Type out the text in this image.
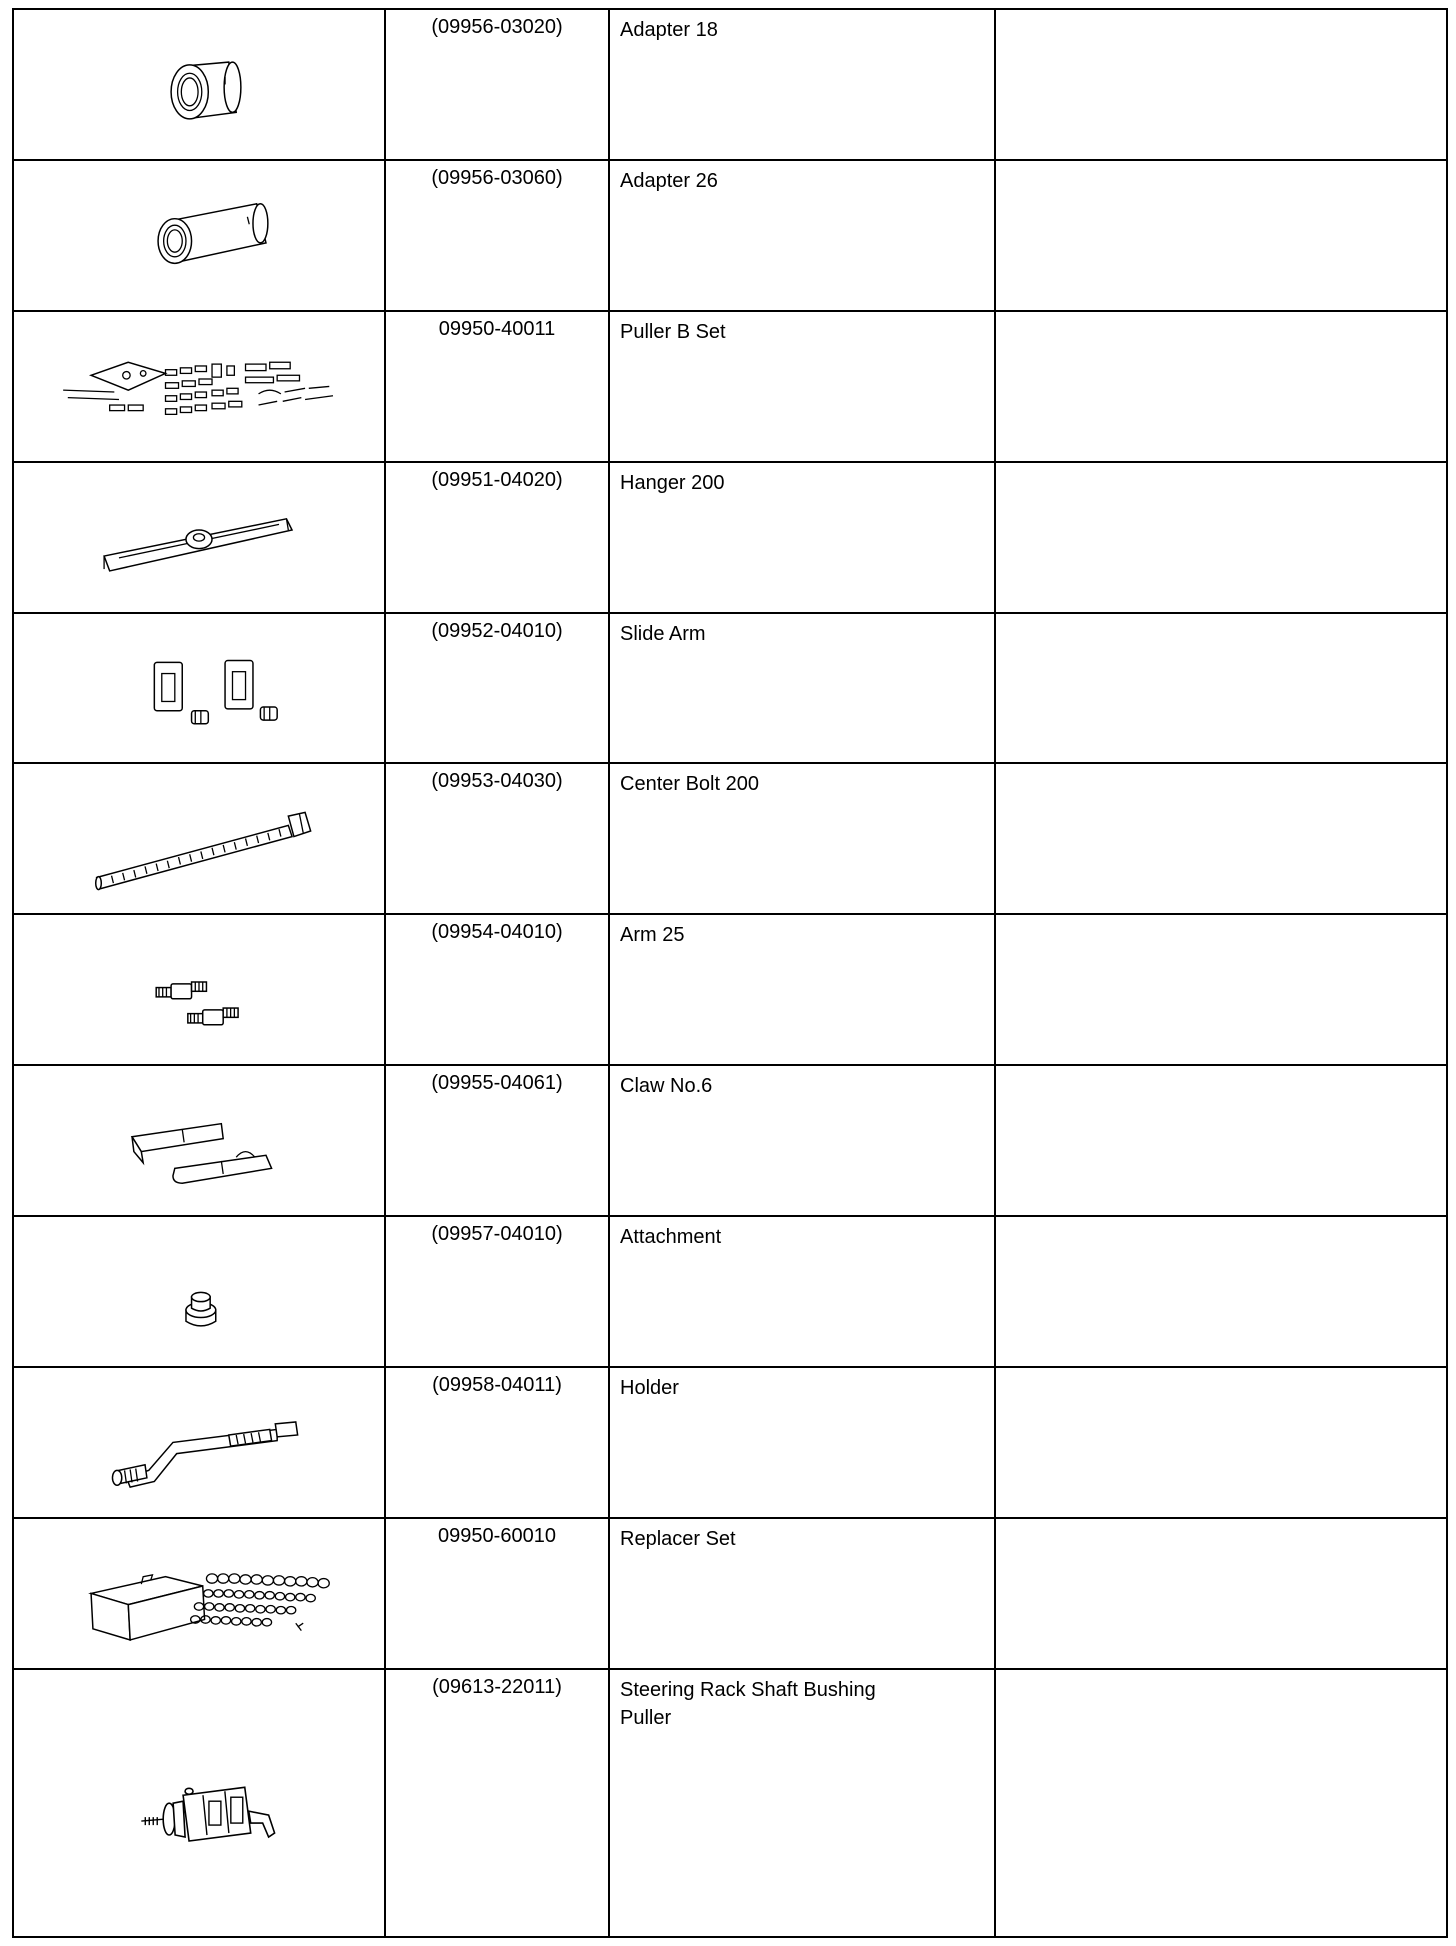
	(09956-03020)	Adapter 18	

	(09956-03060)	Adapter 26	

	09950-40011	Puller B Set	

	(09951-04020)	Hanger 200	

	(09952-04010)	Slide Arm	

	(09953-04030)	Center Bolt 200	

	(09954-04010)	Arm 25	

	(09955-04061)	Claw No.6	

	(09957-04010)	Attachment	

	(09958-04011)	Holder	

	09950-60010	Replacer Set	

	(09613-22011)	Steering Rack Shaft Bushing
Puller	
